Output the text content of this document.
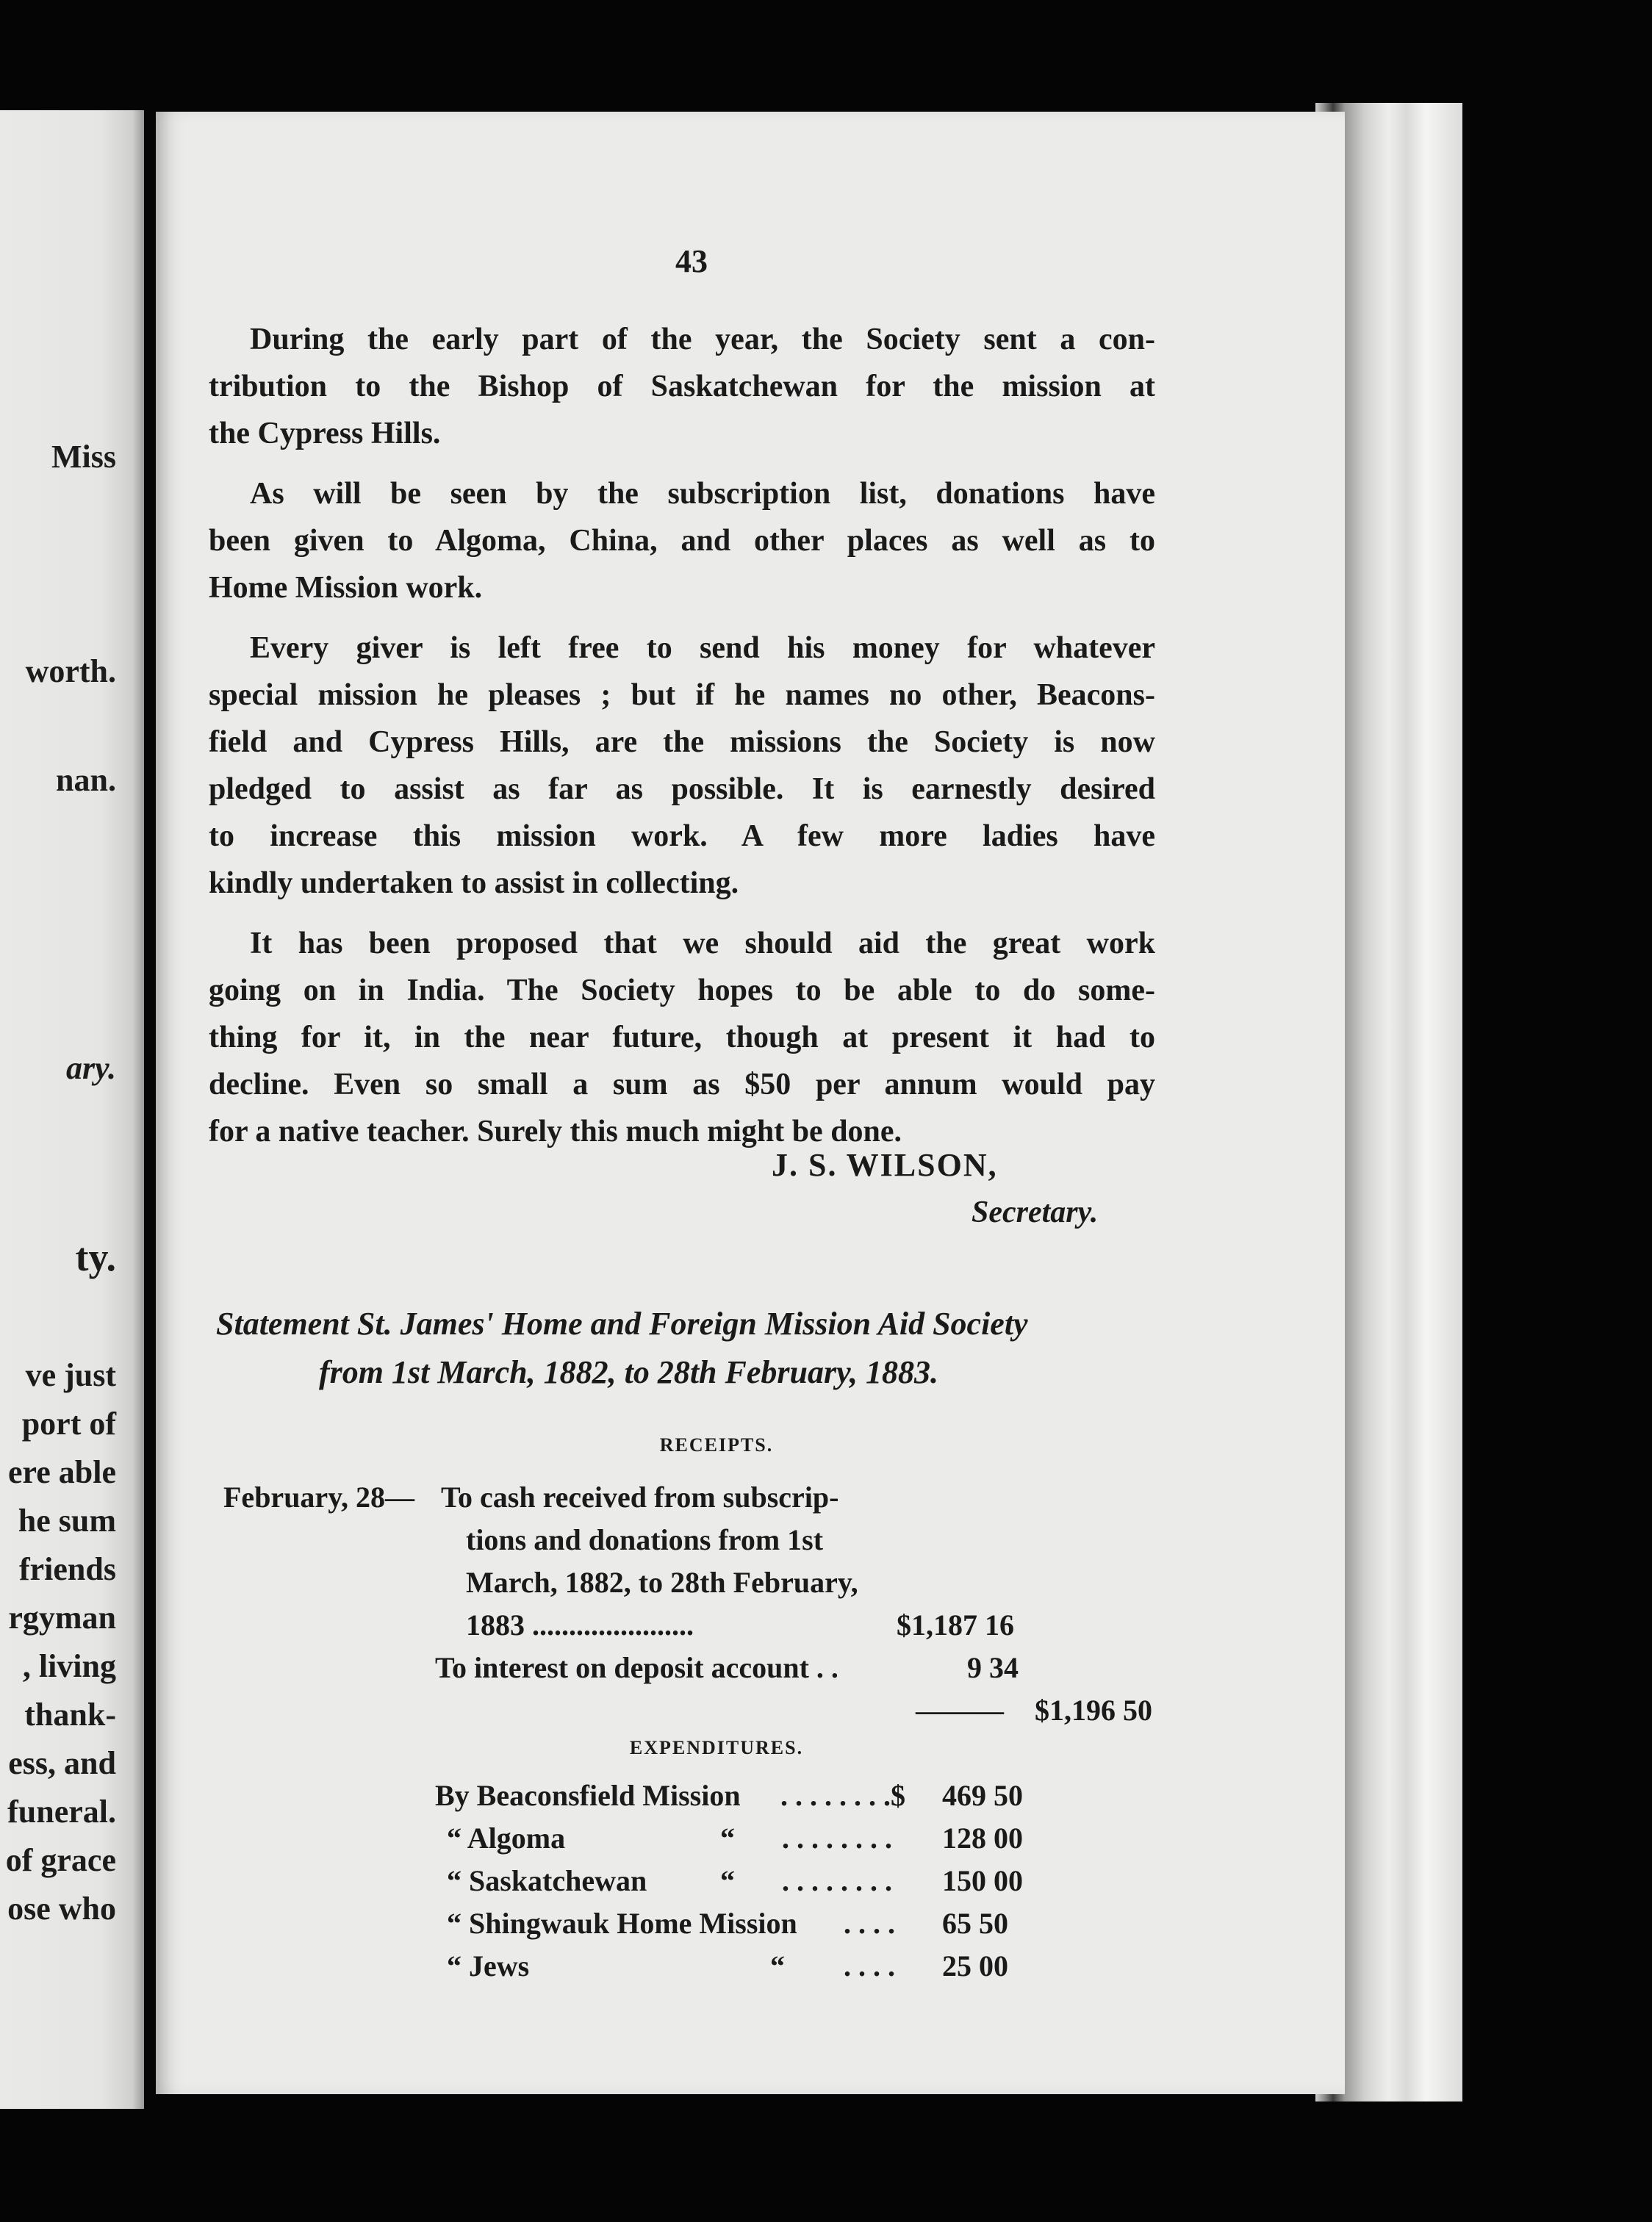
Miss
worth.
nan.
ary.
ty.
ve just
port of
ere able
he sum
friends
rgyman
, living
thank-
ess, and
funeral.
of grace
ose who
43
During the early part of the year, the Society sent a con-
tribution to the Bishop of Saskatchewan for the mission at
the Cypress Hills.
As will be seen by the subscription list, donations have
been given to Algoma, China, and other places as well as to
Home Mission work.
Every giver is left free to send his money for whatever
special mission he pleases ; but if he names no other, Beacons-
field and Cypress Hills, are the missions the Society is now
pledged to assist as far as possible. It is earnestly desired
to increase this mission work. A few more ladies have
kindly undertaken to assist in collecting.
It has been proposed that we should aid the great work
going on in India. The Society hopes to be able to do some-
thing for it, in the near future, though at present it had to
decline. Even so small a sum as $50 per annum would pay
for a native teacher. Surely this much might be done.
J. S. WILSON,
Secretary.
Statement St. James' Home and Foreign Mission Aid Society
from 1st March, 1882, to 28th February, 1883.
RECEIPTS.
February, 28— To cash received from subscrip-
tions and donations from 1st
March, 1882, to 28th February,
1883 ......................	$1,187 16
To interest on deposit account . .	9 34
——— $1,196 50
EXPENDITURES.
By Beaconsfield Mission . . . . . . . .$ 469 50
“ Algoma	“ . . . . . . . . 128 00
“ Saskatchewan “ . . . . . . . . 150 00
“ Shingwauk Home Mission . . . . 65 50
“ Jews	“ . . . . 25 00
